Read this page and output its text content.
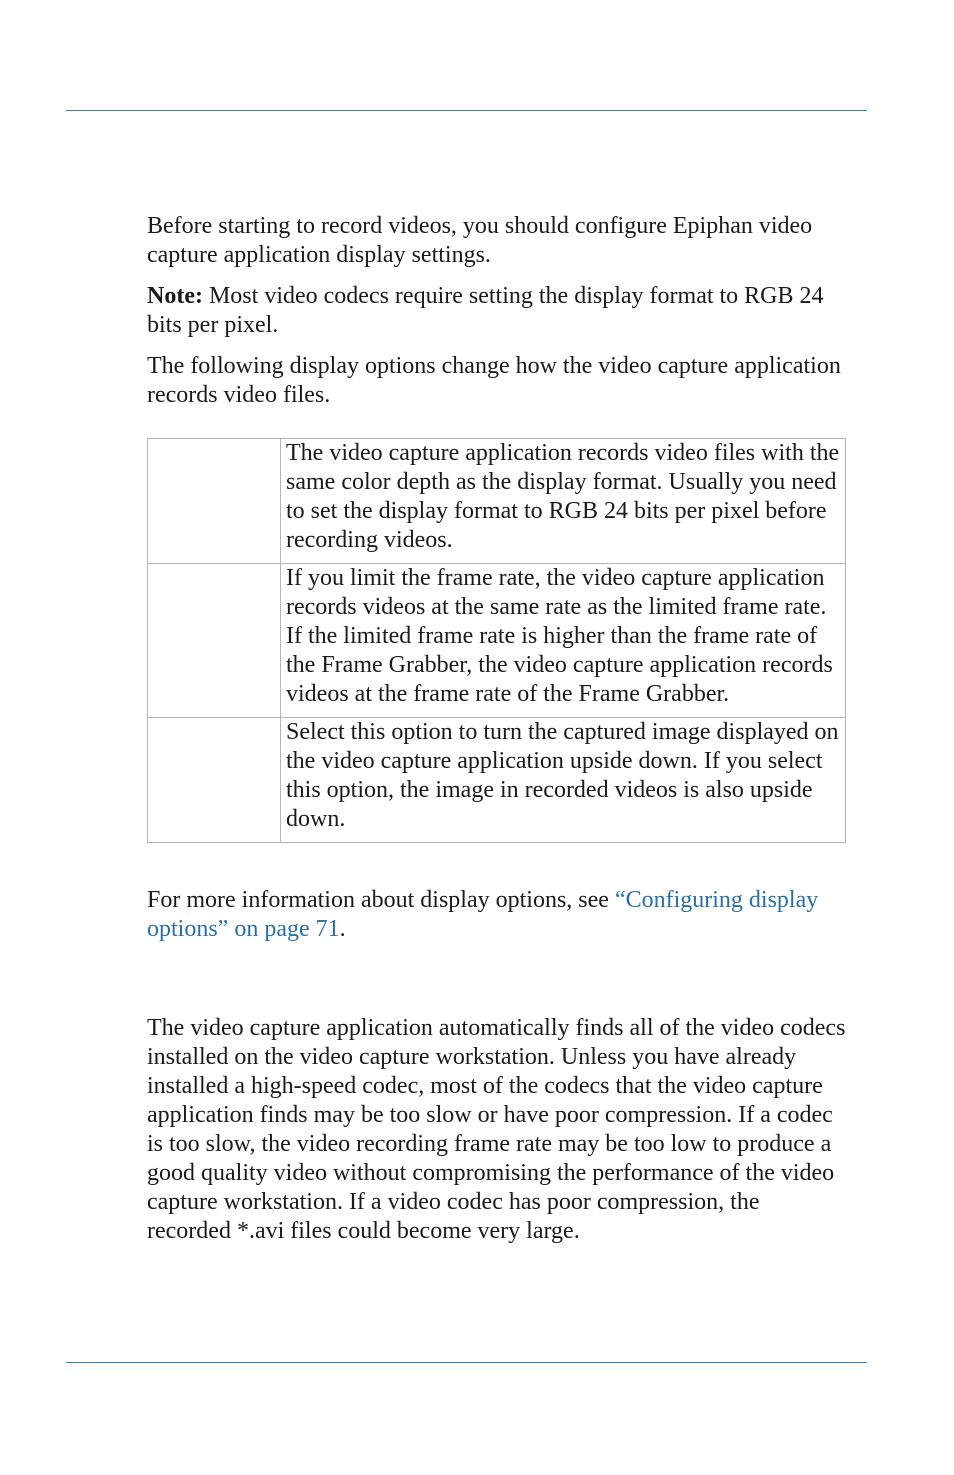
Before starting to record videos, you should configure Epiphan video capture application display settings.

Note: Most video codecs require setting the display format to RGB 24 bits per pixel.

The following display options change how the video capture application records video files.

	The video capture application records video files with the same color depth as the display format. Usually you need to set the display format to RGB 24 bits per pixel before recording videos.
	If you limit the frame rate, the video capture application records videos at the same rate as the limited frame rate. If the limited frame rate is higher than the frame rate of the Frame Grabber, the video capture application records videos at the frame rate of the Frame Grabber.
	Select this option to turn the captured image displayed on the video capture application upside down. If you select this option, the image in recorded videos is also upside down.

For more information about display options, see “Configuring display options” on page 71.

The video capture application automatically finds all of the video codecs installed on the video capture workstation. Unless you have already installed a high-speed codec, most of the codecs that the video capture application finds may be too slow or have poor compression. If a codec is too slow, the video recording frame rate may be too low to produce a good quality video without compromising the performance of the video capture workstation. If a video codec has poor compression, the recorded *.avi files could become very large.
